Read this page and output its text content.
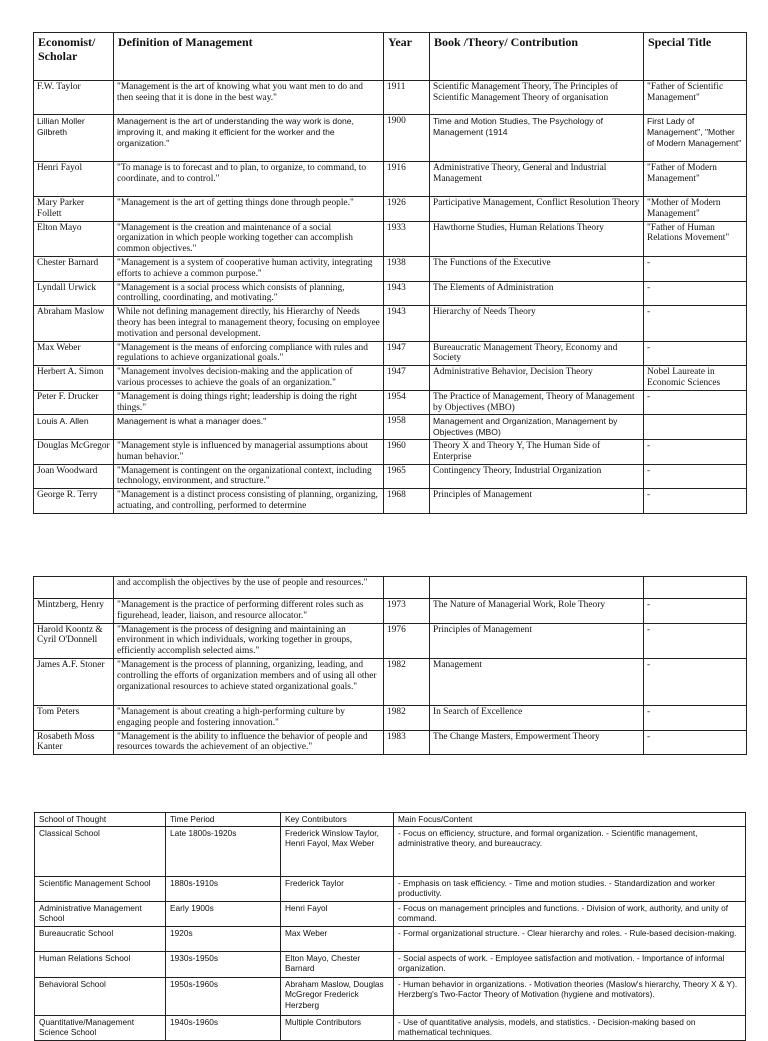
Economist/ Scholar	Definition of Management	Year	Book /Theory/ Contribution	Special Title
F.W. Taylor	"Management is the art of knowing what you want men to do and then seeing that it is done in the best way."	1911	Scientific Management Theory, The Principles of Scientific Management Theory of organisation	"Father of Scientific Management"
Lillian Moller Gilbreth	Management is the art of understanding the way work is done, improving it, and making it efficient for the worker and the organization."	1900	Time and Motion Studies, The Psychology of Management (1914	First Lady of Management", "Mother of Modern Management"
Henri Fayol	"To manage is to forecast and to plan, to organize, to command, to coordinate, and to control."	1916	Administrative Theory, General and Industrial Management	"Father of Modern Management"
Mary Parker Follett	"Management is the art of getting things done through people."	1926	Participative Management, Conflict Resolution Theory	"Mother of Modern Management"
Elton Mayo	"Management is the creation and maintenance of a social organization in which people working together can accomplish common objectives."	1933	Hawthorne Studies, Human Relations Theory	"Father of Human Relations Movement"
Chester Barnard	"Management is a system of cooperative human activity, integrating efforts to achieve a common purpose."	1938	The Functions of the Executive	-
Lyndall Urwick	"Management is a social process which consists of planning, controlling, coordinating, and motivating."	1943	The Elements of Administration	-
Abraham Maslow	While not defining management directly, his Hierarchy of Needs theory has been integral to management theory, focusing on employee motivation and personal development.	1943	Hierarchy of Needs Theory	-
Max Weber	"Management is the means of enforcing compliance with rules and regulations to achieve organizational goals."	1947	Bureaucratic Management Theory, Economy and Society	-
Herbert A. Simon	"Management involves decision-making and the application of various processes to achieve the goals of an organization."	1947	Administrative Behavior, Decision Theory	Nobel Laureate in Economic Sciences
Peter F. Drucker	"Management is doing things right; leadership is doing the right things."	1954	The Practice of Management, Theory of Management by Objectives (MBO)	-
Louis A. Allen	Management is what a manager does."	1958	Management and Organization, Management by Objectives (MBO)	
Douglas McGregor	"Management style is influenced by managerial assumptions about human behavior."	1960	Theory X and Theory Y, The Human Side of Enterprise	-
Joan Woodward	"Management is contingent on the organizational context, including technology, environment, and structure."	1965	Contingency Theory, Industrial Organization	-
George R. Terry	"Management is a distinct process consisting of planning, organizing, actuating, and controlling, performed to determine	1968	Principles of Management	-
	and accomplish the objectives by the use of people and resources."			
Mintzberg, Henry	"Management is the practice of performing different roles such as figurehead, leader, liaison, and resource allocator."	1973	The Nature of Managerial Work, Role Theory	-
Harold Koontz & Cyril O'Donnell	"Management is the process of designing and maintaining an environment in which individuals, working together in groups, efficiently accomplish selected aims."	1976	Principles of Management	-
James A.F. Stoner	"Management is the process of planning, organizing, leading, and controlling the efforts of organization members and of using all other organizational resources to achieve stated organizational goals."	1982	Management	-
Tom Peters	"Management is about creating a high-performing culture by engaging people and fostering innovation."	1982	In Search of Excellence	-
Rosabeth Moss Kanter	"Management is the ability to influence the behavior of people and resources towards the achievement of an objective."	1983	The Change Masters, Empowerment Theory	-
School of Thought	Time Period	Key Contributors	Main Focus/Content
Classical School	Late 1800s-1920s	Frederick Winslow Taylor, Henri Fayol, Max Weber	- Focus on efficiency, structure, and formal organization. - Scientific management, administrative theory, and bureaucracy.
Scientific Management School	1880s-1910s	Frederick Taylor	- Emphasis on task efficiency. - Time and motion studies. - Standardization and worker productivity.
Administrative Management School	Early 1900s	Henri Fayol	- Focus on management principles and functions. - Division of work, authority, and unity of command.
Bureaucratic School	1920s	Max Weber	- Formal organizational structure. - Clear hierarchy and roles. - Rule-based decision-making.
Human Relations School	1930s-1950s	Elton Mayo, Chester Barnard	- Social aspects of work. - Employee satisfaction and motivation. - Importance of informal organization.
Behavioral School	1950s-1960s	Abraham Maslow, Douglas McGregor Frederick Herzberg	- Human behavior in organizations. - Motivation theories (Maslow's hierarchy, Theory X & Y). Herzberg's Two-Factor Theory of Motivation (hygiene and motivators).
Quantitative/Management Science School	1940s-1960s	Multiple Contributors	- Use of quantitative analysis, models, and statistics. - Decision-making based on mathematical techniques.
